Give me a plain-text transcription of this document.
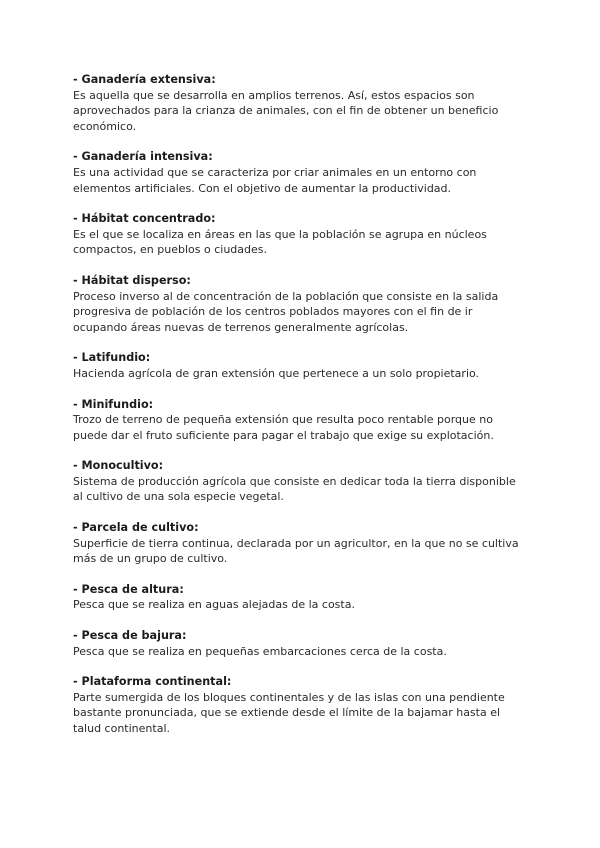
- Ganadería extensiva:
Es aquella que se desarrolla en amplios terrenos. Así, estos espacios son
aprovechados para la crianza de animales, con el fin de obtener un beneficio
económico.
- Ganadería intensiva:
Es una actividad que se caracteriza por criar animales en un entorno con
elementos artificiales. Con el objetivo de aumentar la productividad.
- Hábitat concentrado:
Es el que se localiza en áreas en las que la población se agrupa en núcleos
compactos, en pueblos o ciudades.
- Hábitat disperso:
Proceso inverso al de concentración de la población que consiste en la salida
progresiva de población de los centros poblados mayores con el fin de ir
ocupando áreas nuevas de terrenos generalmente agrícolas.
- Latifundio:
Hacienda agrícola de gran extensión que pertenece a un solo propietario.
- Minifundio:
Trozo de terreno de pequeña extensión que resulta poco rentable porque no
puede dar el fruto suficiente para pagar el trabajo que exige su explotación.
- Monocultivo:
Sistema de producción agrícola que consiste en dedicar toda la tierra disponible
al cultivo de una sola especie vegetal.
- Parcela de cultivo:
Superficie de tierra continua, declarada por un agricultor, en la que no se cultiva
más de un grupo de cultivo.
- Pesca de altura:
Pesca que se realiza en aguas alejadas de la costa.
- Pesca de bajura:
Pesca que se realiza en pequeñas embarcaciones cerca de la costa.
- Plataforma continental:
Parte sumergida de los bloques continentales y de las islas con una pendiente
bastante pronunciada, que se extiende desde el límite de la bajamar hasta el
talud continental.
